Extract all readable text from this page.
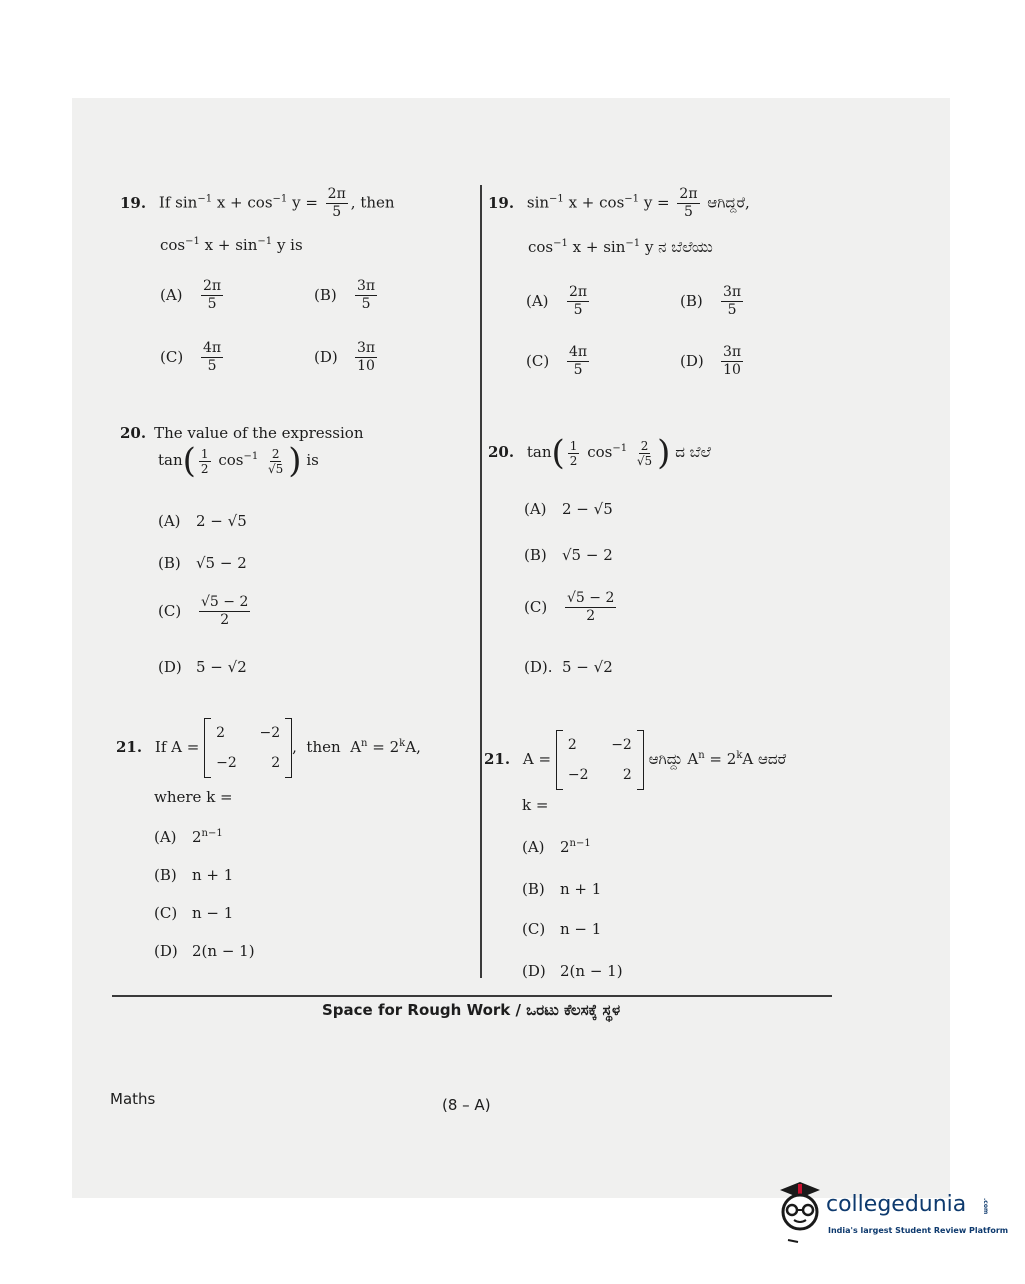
19. If $\sin^{-1} x + \cos^{-1} y = \frac{2\pi}{5}$ , then
$\cos^{-1} x + \sin^{-1} y$ is
$(A) \frac{2\pi}{5}$	$(B) \frac{3\pi}{5}$
$(C) \frac{4\pi}{5}$	$(D) \frac{3\pi}{10}$
19. $\sin^{-1} x + \cos^{-1} y = \frac{2\pi}{5}$ ಆಗಿದ್ದರೆ,
$\cos^{-1} x + \sin^{-1} y$ ನ ಬೆಲೆಯು
$(A) \frac{2\pi}{5}$	$(B) \frac{3\pi}{5}$
$(C) \frac{4\pi}{5}$	$(D) \frac{3\pi}{10}$
20. The value of the expression
$\tan( \frac{1}{2} \cos^{-1} \frac{2}{√5}$ ) is
(A) 2 − √5
(B) √5 − 2
$(C) \frac{√5 - 2}{2}$
(D) 5 − √2
20. $\tan( \frac{1}{2} \cos^{-1} \frac{2}{√5}$ ) ದ ಬೆಲೆ
(A) 2 − √5
(B) √5 − 2
$(C) \frac{√5 - 2}{2}$
(D). 5 − √2
21. If A =
2 −2
−2 2
,  then $A^n = 2^kA$,
where k =
(A) $2^{n-1}$
(B) n + 1
(C) n − 1
(D) 2(n − 1)
21. A =
2 −2
−2 2
ಆಗಿದ್ದು $A^n = 2^kA$ ಆದರೆ
k =
(A) $2^{n-1}$
(B) n + 1
(C) n − 1
(D) 2(n − 1)
Space for Rough Work / ಒರಟು ಕೆಲಸಕ್ಕೆ ಸ್ಥಳ
Maths	(8 – A)
collegedunia	.com
India's largest Student Review Platform
